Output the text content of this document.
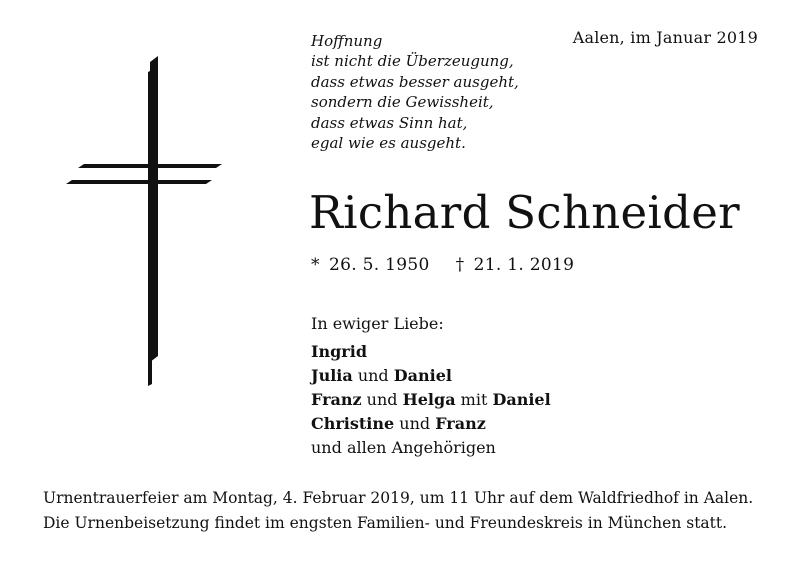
Aalen, im Januar 2019
Hoffnung
ist nicht die Überzeugung,
dass etwas besser ausgeht,
sondern die Gewissheit,
dass etwas Sinn hat,
egal wie es ausgeht.
Richard Schneider
* 26. 5. 1950 † 21. 1. 2019
In ewiger Liebe:
Ingrid
Julia und Daniel
Franz und Helga mit Daniel
Christine und Franz
und allen Angehörigen
Urnentrauerfeier am Montag, 4. Februar 2019, um 11 Uhr auf dem Waldfriedhof in Aalen.
Die Urnenbeisetzung findet im engsten Familien- und Freundeskreis in München statt.
